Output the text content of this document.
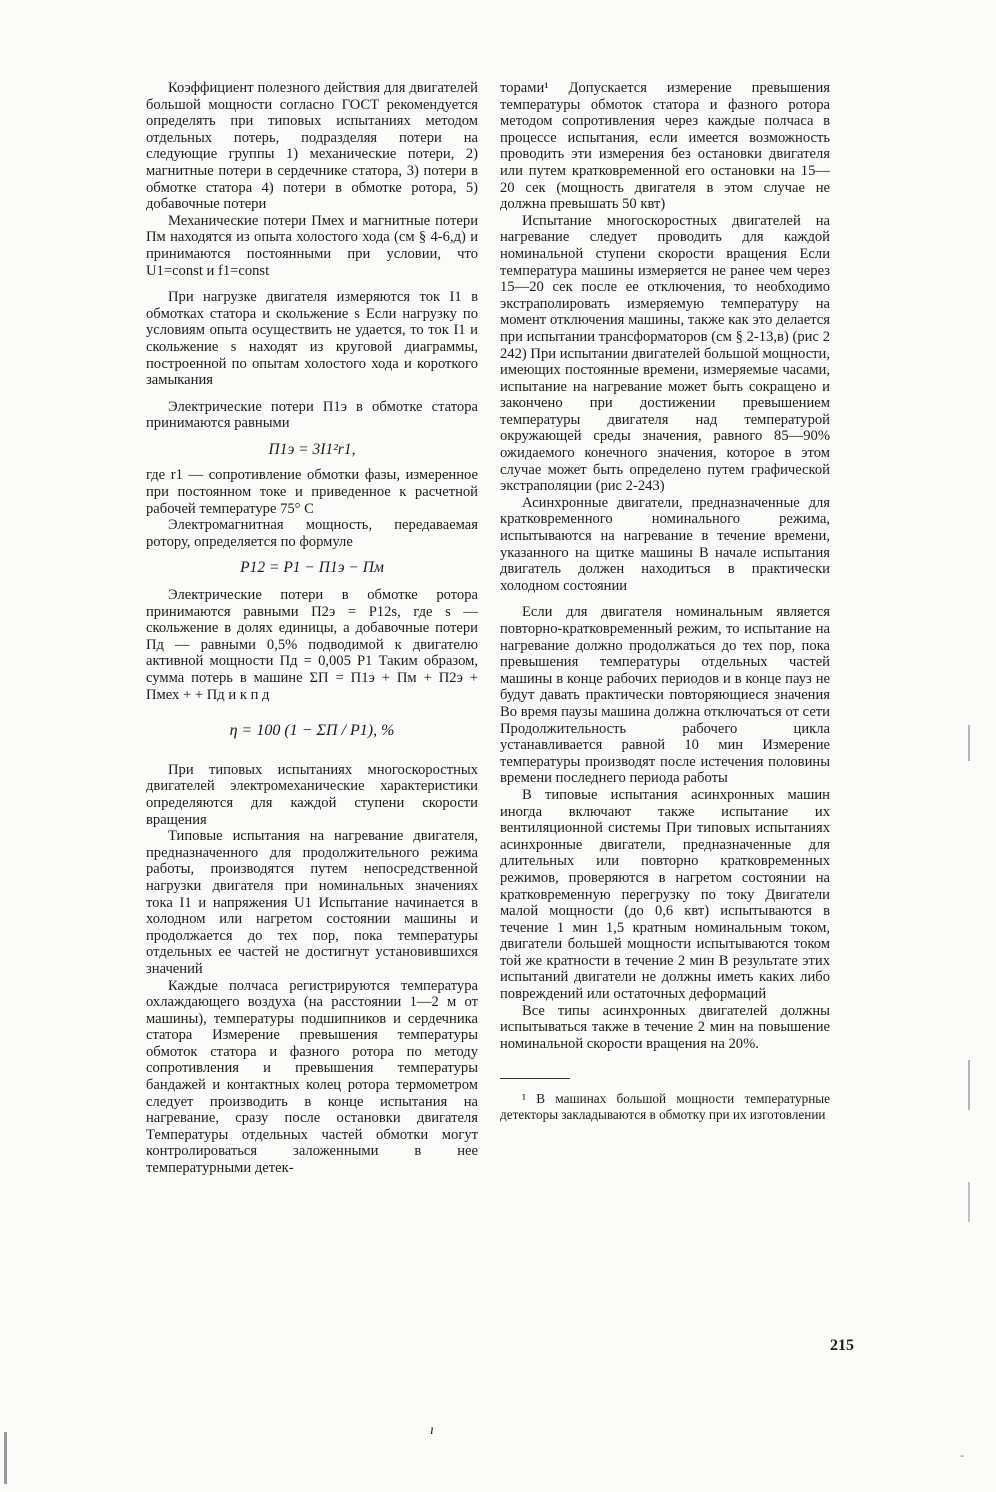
Коэффициент полезного действия для двигателей большой мощности согласно ГОСТ рекомендуется определять при типовых испытаниях методом отдельных потерь, подразделяя потери на следующие группы 1) механические потери, 2) магнитные потери в сердечнике статора, 3) потери в обмотке статора 4) потери в обмотке ротора, 5) добавочные потери

Механические потери Пмех и магнитные потери Пм находятся из опыта холостого хода (см § 4-6,д) и принимаются постоянными при условии, что U1=const и f1=const

При нагрузке двигателя измеряются ток I1 в обмотках статора и скольжение s Если нагрузку по условиям опыта осуществить не удается, то ток I1 и скольжение s находят из круговой диаграммы, построенной по опытам холостого хода и короткого замыкания

Электрические потери П1э в обмотке статора принимаются равными

П1э = 3I1²r1,

где r1 — сопротивление обмотки фазы, измеренное при постоянном токе и приведенное к расчетной рабочей температуре 75° С

Электромагнитная мощность, передаваемая ротору, определяется по формуле

P12 = P1 − П1э − Пм

Электрические потери в обмотке ротора принимаются равными П2э = P12s, где s — скольжение в долях единицы, а добавочные потери Пд — равными 0,5% подводимой к двигателю активной мощности Пд = 0,005 P1 Таким образом, сумма потерь в машине ΣП = П1э + Пм + П2э + Пмех + + Пд и к п д

η = 100 (1 − ΣП / P1), %

При типовых испытаниях многоскоростных двигателей электромеханические характеристики определяются для каждой ступени скорости вращения

Типовые испытания на нагревание двигателя, предназначенного для продолжительного режима работы, производятся путем непосредственной нагрузки двигателя при номинальных значениях тока I1 и напряжения U1 Испытание начинается в холодном или нагретом состоянии машины и продолжается до тех пор, пока температуры отдельных ее частей не достигнут установившихся значений

Каждые полчаса регистрируются температура охлаждающего воздуха (на расстоянии 1—2 м от машины), температуры подшипников и сердечника статора Измерение превышения температуры обмоток статора и фазного ротора по методу сопротивления и превышения температуры бандажей и контактных колец ротора термометром следует производить в конце испытания на нагревание, сразу после остановки двигателя Температуры отдельных частей обмотки могут контролироваться заложенными в нее температурными детек-

торами¹ Допускается измерение превышения температуры обмоток статора и фазного ротора методом сопротивления через каждые полчаса в процессе испытания, если имеется возможность проводить эти измерения без остановки двигателя или путем кратковременной его остановки на 15—20 сек (мощность двигателя в этом случае не должна превышать 50 квт)

Испытание многоскоростных двигателей на нагревание следует проводить для каждой номинальной ступени скорости вращения Если температура машины измеряется не ранее чем через 15—20 сек после ее отключения, то необходимо экстраполировать измеряемую температуру на момент отключения машины, также как это делается при испытании трансформаторов (см § 2-13,в) (рис 2 242) При испытании двигателей большой мощности, имеющих постоянные времени, измеряемые часами, испытание на нагревание может быть сокращено и закончено при достижении превышением температуры двигателя над температурой окружающей среды значения, равного 85—90% ожидаемого конечного значения, которое в этом случае может быть определено путем графической экстраполяции (рис 2-243)

Асинхронные двигатели, предназначенные для кратковременного номинального режима, испытываются на нагревание в течение времени, указанного на щитке машины В начале испытания двигатель должен находиться в практически холодном состоянии

Если для двигателя номинальным является повторно-кратковременный режим, то испытание на нагревание должно продолжаться до тех пор, пока превышения температуры отдельных частей машины в конце рабочих периодов и в конце пауз не будут давать практически повторяющиеся значения Во время паузы машина должна отключаться от сети Продолжительность рабочего цикла устанавливается равной 10 мин Измерение температуры производят после истечения половины времени последнего периода работы

В типовые испытания асинхронных машин иногда включают также испытание их вентиляционной системы При типовых испытаниях асинхронные двигатели, предназначенные для длительных или повторно кратковременных режимов, проверяются в нагретом состоянии на кратковременную перегрузку по току Двигатели малой мощности (до 0,6 квт) испытываются в течение 1 мин 1,5 кратным номинальным током, двигатели большей мощности испытываются током той же кратности в течение 2 мин В результате этих испытаний двигатели не должны иметь каких либо повреждений или остаточных деформаций

Все типы асинхронных двигателей должны испытываться также в течение 2 мин на повышение номинальной скорости вращения на 20%.

¹ В машинах большой мощности температурные детекторы закладываются в обмотку при их изготовлении

215
ı
-
